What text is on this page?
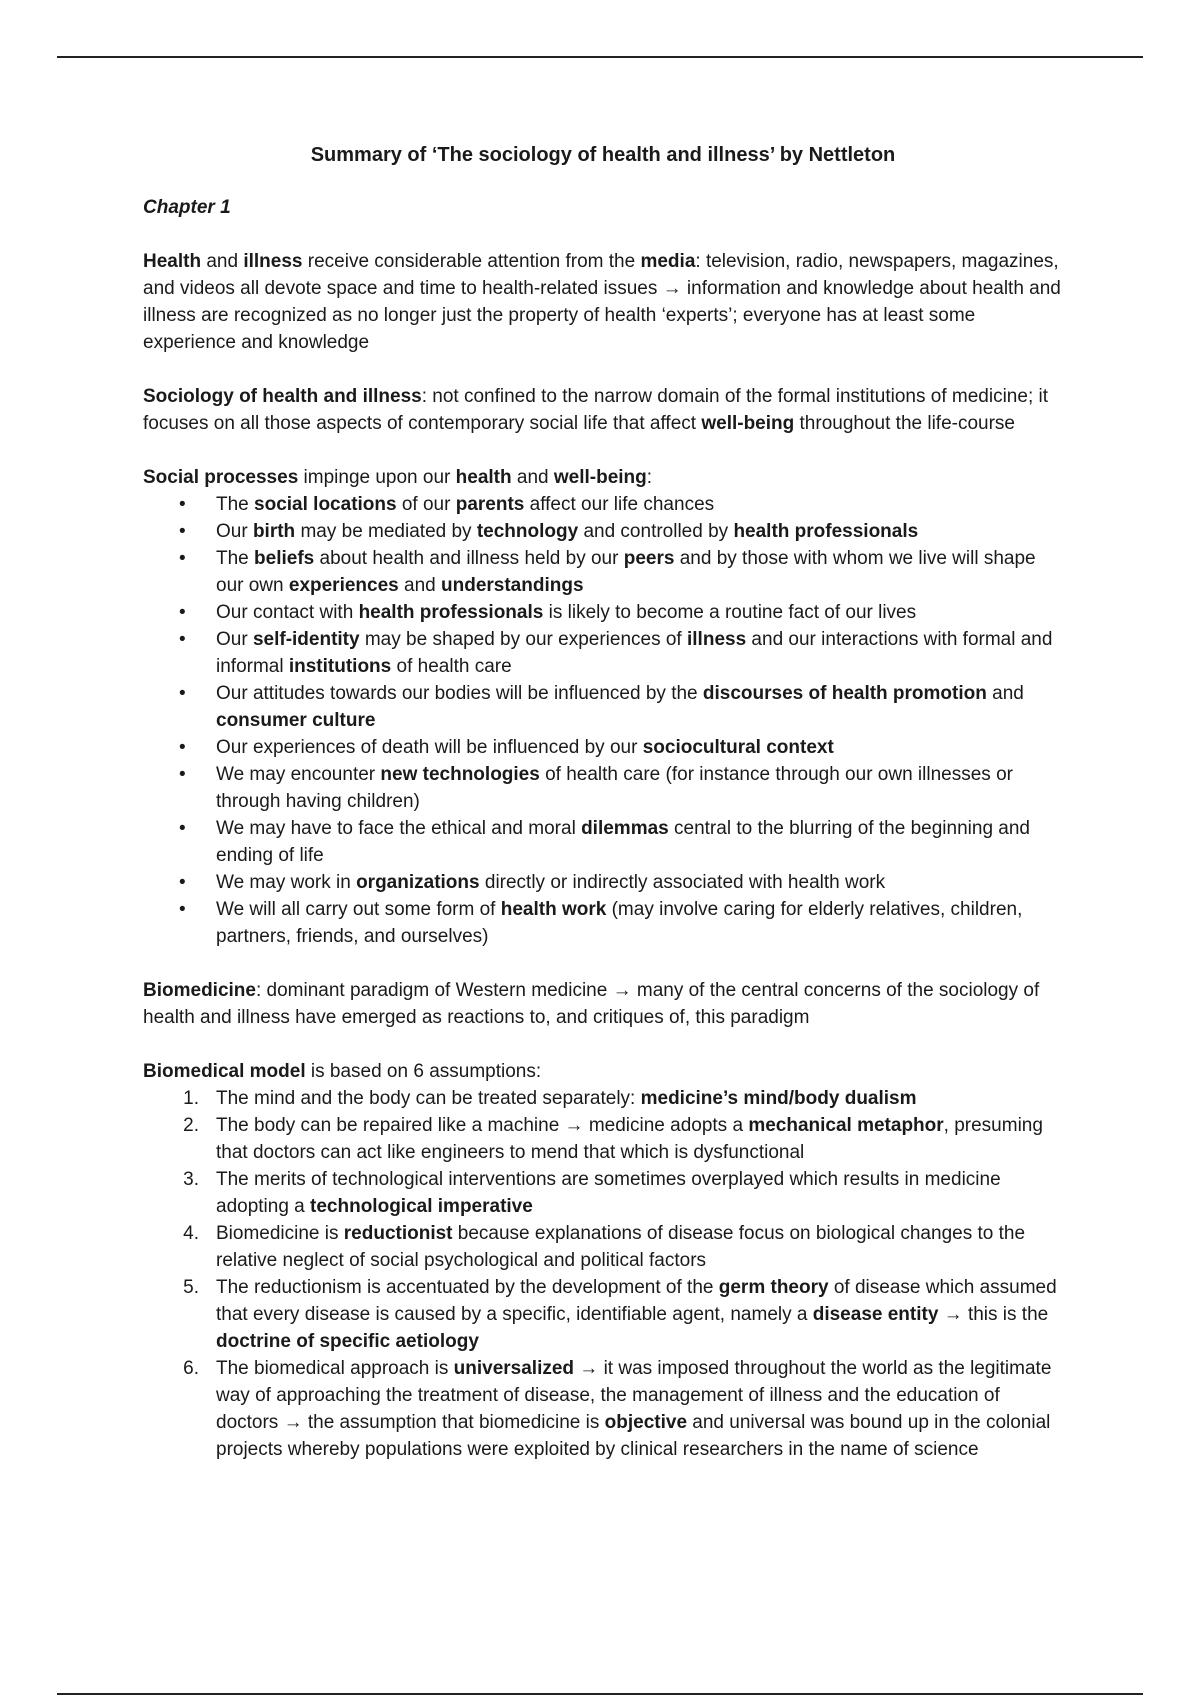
Summary of ‘The sociology of health and illness’ by Nettleton
Chapter 1

Health and illness receive considerable attention from the media: television, radio, newspapers, magazines, and videos all devote space and time to health-related issues → information and knowledge about health and illness are recognized as no longer just the property of health ‘experts’; everyone has at least some experience and knowledge

Sociology of health and illness: not confined to the narrow domain of the formal institutions of medicine; it focuses on all those aspects of contemporary social life that affect well-being throughout the life-course

Social processes impinge upon our health and well-being:

• The social locations of our parents affect our life chances
• Our birth may be mediated by technology and controlled by health professionals
• The beliefs about health and illness held by our peers and by those with whom we live will shape our own experiences and understandings
• Our contact with health professionals is likely to become a routine fact of our lives
• Our self-identity may be shaped by our experiences of illness and our interactions with formal and informal institutions of health care
• Our attitudes towards our bodies will be influenced by the discourses of health promotion and consumer culture
• Our experiences of death will be influenced by our sociocultural context
• We may encounter new technologies of health care (for instance through our own illnesses or through having children)
• We may have to face the ethical and moral dilemmas central to the blurring of the beginning and ending of life
• We may work in organizations directly or indirectly associated with health work
• We will all carry out some form of health work (may involve caring for elderly relatives, children, partners, friends, and ourselves)

Biomedicine: dominant paradigm of Western medicine → many of the central concerns of the sociology of health and illness have emerged as reactions to, and critiques of, this paradigm

Biomedical model is based on 6 assumptions:

1. The mind and the body can be treated separately: medicine’s mind/body dualism
2. The body can be repaired like a machine → medicine adopts a mechanical metaphor, presuming that doctors can act like engineers to mend that which is dysfunctional
3. The merits of technological interventions are sometimes overplayed which results in medicine adopting a technological imperative
4. Biomedicine is reductionist because explanations of disease focus on biological changes to the relative neglect of social psychological and political factors
5. The reductionism is accentuated by the development of the germ theory of disease which assumed that every disease is caused by a specific, identifiable agent, namely a disease entity → this is the doctrine of specific aetiology
6. The biomedical approach is universalized → it was imposed throughout the world as the legitimate way of approaching the treatment of disease, the management of illness and the education of doctors → the assumption that biomedicine is objective and universal was bound up in the colonial projects whereby populations were exploited by clinical researchers in the name of science
